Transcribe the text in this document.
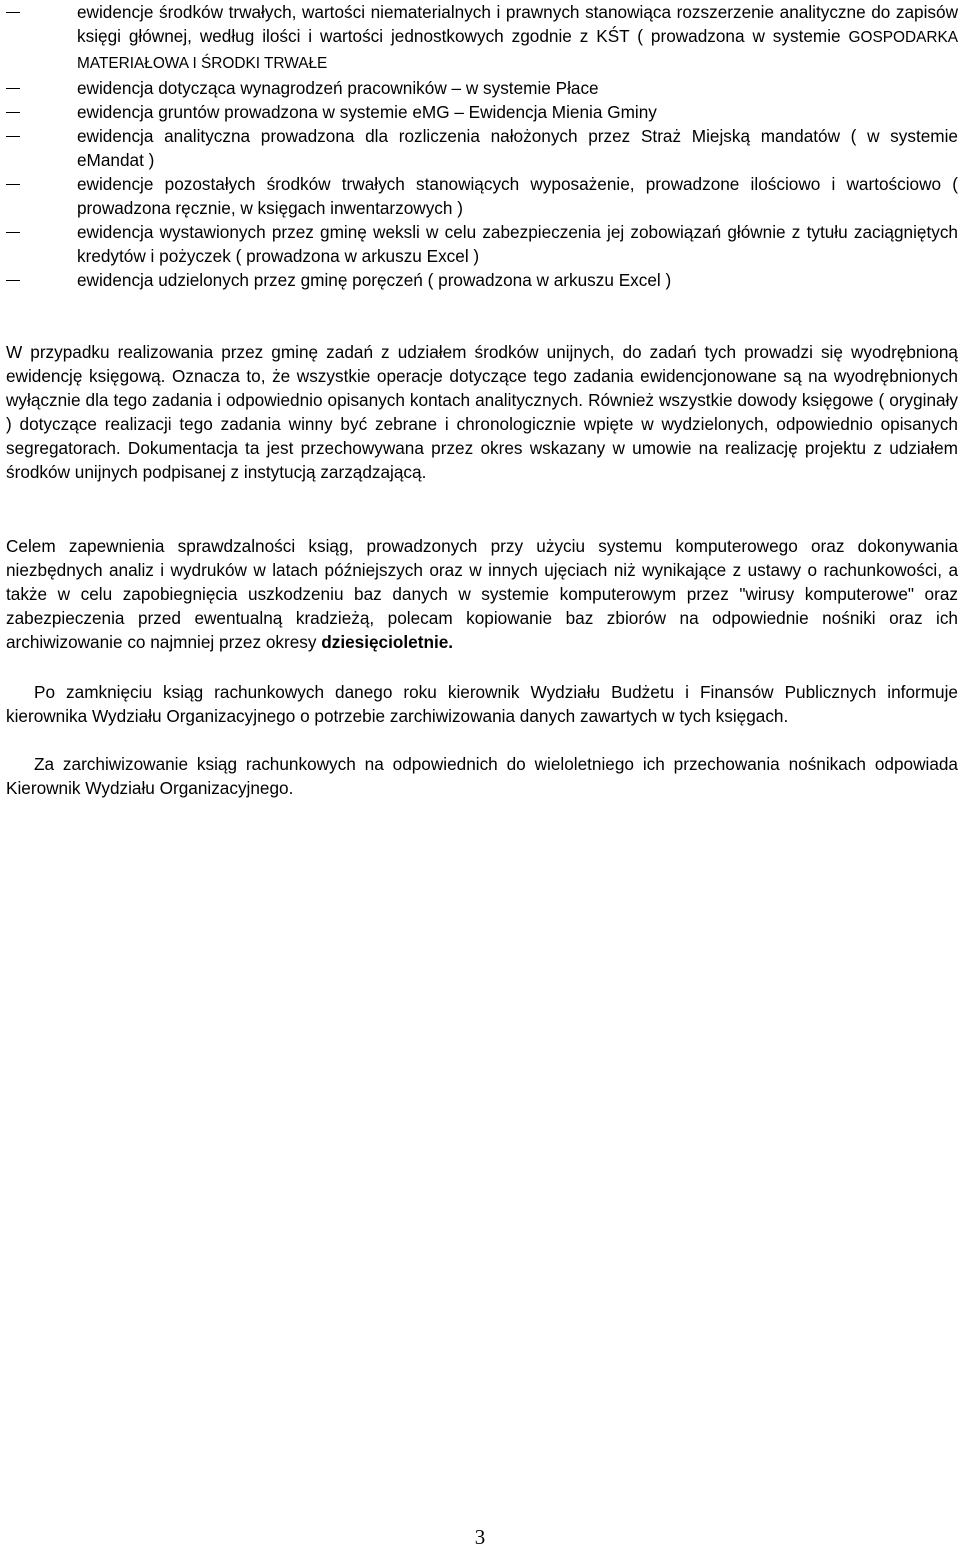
ewidencje środków trwałych, wartości niematerialnych i prawnych stanowiąca rozszerzenie analityczne do zapisów księgi głównej, według ilości i wartości jednostkowych zgodnie z KŚT ( prowadzona w systemie GOSPODARKA MATERIAŁOWA I ŚRODKI TRWAŁE
ewidencja dotycząca wynagrodzeń pracowników – w systemie Płace
ewidencja gruntów prowadzona w systemie eMG – Ewidencja Mienia Gminy
ewidencja analityczna prowadzona dla rozliczenia nałożonych przez Straż Miejską mandatów ( w systemie eMandat )
ewidencje pozostałych środków trwałych stanowiących wyposażenie, prowadzone ilościowo i wartościowo ( prowadzona ręcznie, w księgach inwentarzowych )
ewidencja wystawionych przez gminę weksli w celu zabezpieczenia jej zobowiązań głównie z tytułu zaciągniętych kredytów i pożyczek ( prowadzona w arkuszu Excel )
ewidencja udzielonych przez gminę poręczeń ( prowadzona w arkuszu Excel )
W przypadku realizowania przez gminę zadań z udziałem środków unijnych, do zadań tych prowadzi się wyodrębnioną ewidencję księgową. Oznacza to, że wszystkie operacje dotyczące tego zadania ewidencjonowane są na wyodrębnionych wyłącznie dla tego zadania i odpowiednio opisanych kontach analitycznych. Również wszystkie dowody księgowe ( oryginały ) dotyczące realizacji tego zadania winny być zebrane i chronologicznie wpięte w wydzielonych, odpowiednio opisanych segregatorach. Dokumentacja ta jest przechowywana przez okres wskazany w umowie na realizację projektu z udziałem środków unijnych podpisanej z instytucją zarządzającą.
Celem zapewnienia sprawdzalności ksiąg, prowadzonych przy użyciu systemu komputerowego oraz dokonywania niezbędnych analiz i wydruków w latach późniejszych oraz w innych ujęciach niż wynikające z ustawy o rachunkowości, a także w celu zapobiegnięcia uszkodzeniu baz danych w systemie komputerowym przez "wirusy komputerowe" oraz zabezpieczenia przed ewentualną kradzieżą, polecam kopiowanie baz zbiorów na odpowiednie nośniki oraz ich archiwizowanie co najmniej przez okresy dziesięcioletnie.
Po zamknięciu ksiąg rachunkowych danego roku kierownik Wydziału Budżetu i Finansów Publicznych informuje kierownika Wydziału Organizacyjnego o potrzebie zarchiwizowania danych zawartych w tych księgach.
Za zarchiwizowanie ksiąg rachunkowych na odpowiednich do wieloletniego ich przechowania nośnikach odpowiada Kierownik Wydziału Organizacyjnego.
3
